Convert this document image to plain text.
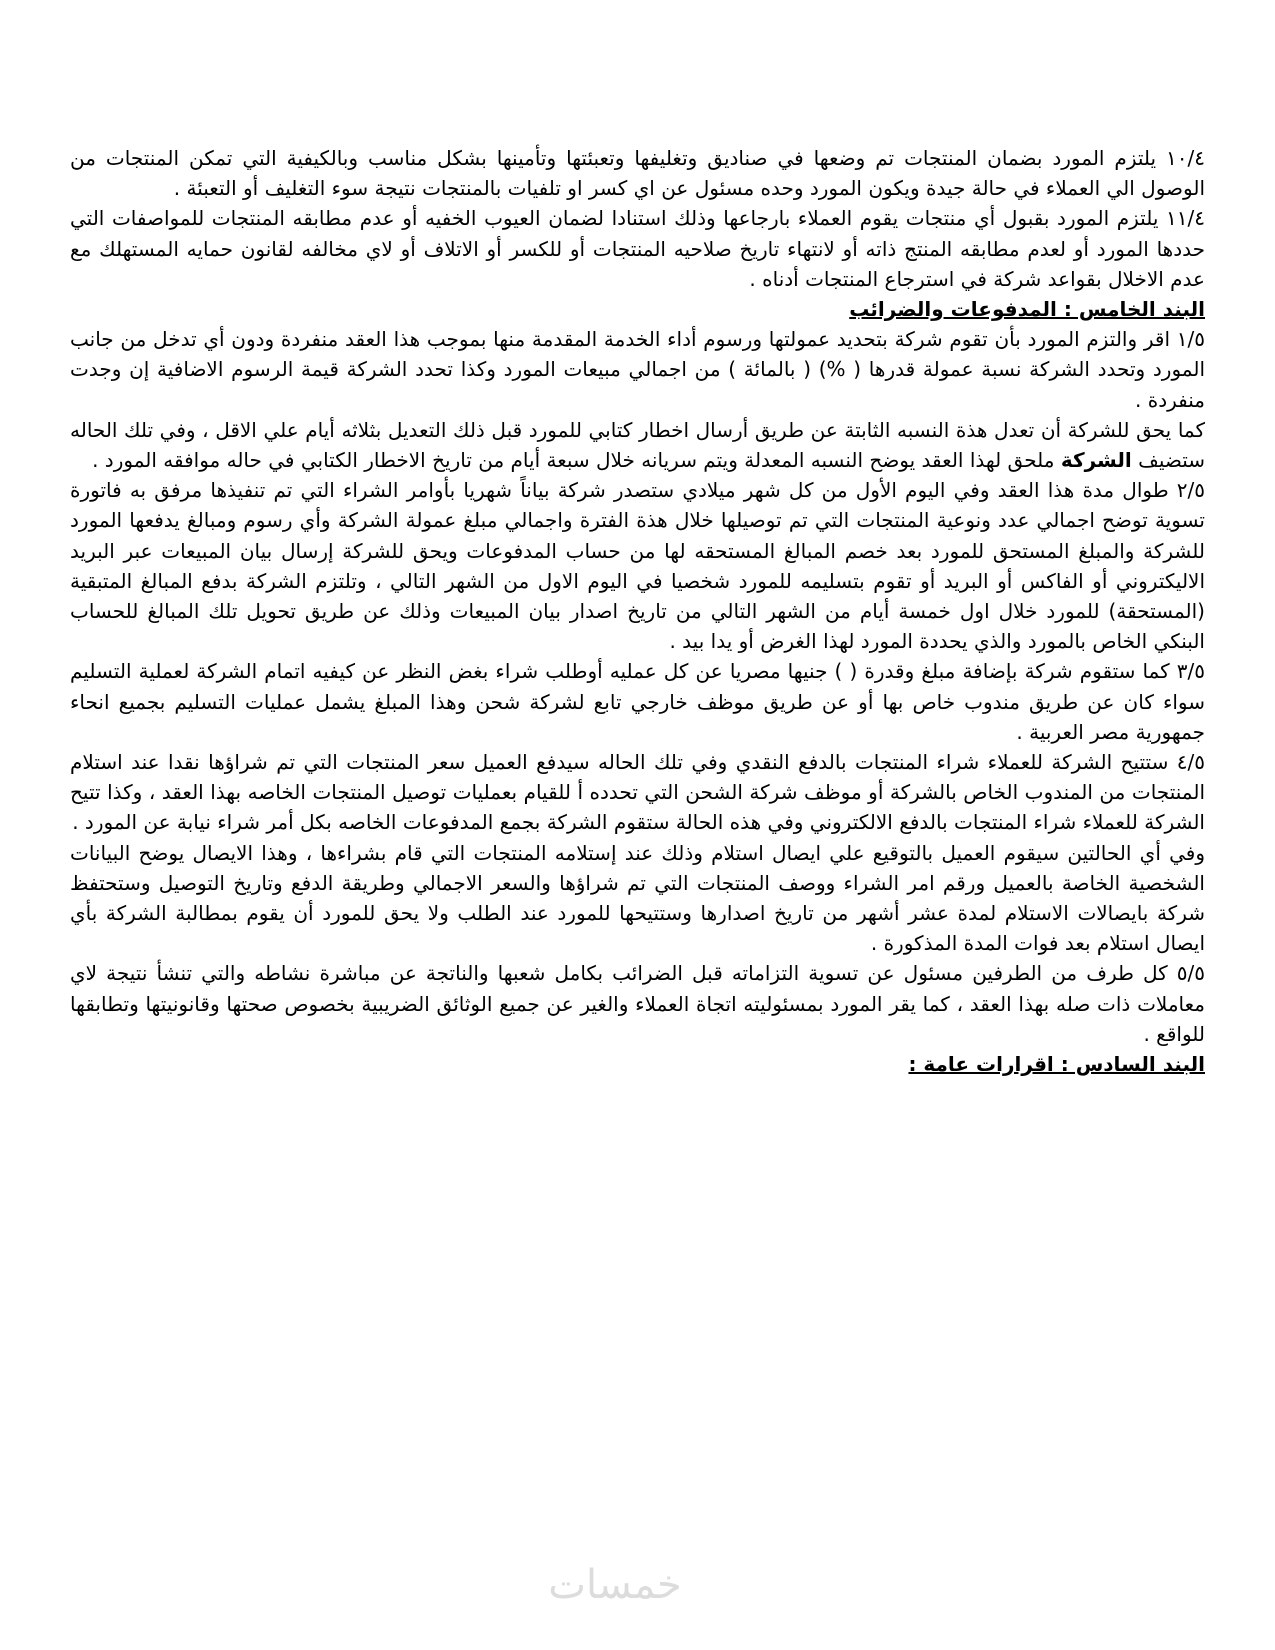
١٠/٤ يلتزم المورد بضمان المنتجات تم وضعها في صناديق وتغليفها وتعبئتها وتأمينها بشكل مناسب وبالكيفية التي تمكن المنتجات من الوصول الي العملاء في حالة جيدة ويكون المورد وحده مسئول عن اي كسر او تلفيات بالمنتجات نتيجة سوء التغليف أو التعبئة .

١١/٤ يلتزم المورد بقبول أي منتجات يقوم العملاء بارجاعها وذلك استنادا لضمان العيوب الخفيه أو عدم مطابقه المنتجات للمواصفات التي حددها المورد أو لعدم مطابقه المنتج ذاته أو لانتهاء تاريخ صلاحيه المنتجات أو للكسر أو الاتلاف أو لاي مخالفه لقانون حمايه المستهلك مع عدم الاخلال بقواعد شركة في استرجاع المنتجات أدناه .

البند الخامس : المدفوعات والضرائب

١/٥ اقر والتزم المورد بأن تقوم شركة بتحديد عمولتها ورسوم أداء الخدمة المقدمة منها بموجب هذا العقد منفردة ودون أي تدخل من جانب المورد وتحدد الشركة نسبة عمولة قدرها ( %) ( بالمائة ) من اجمالي مبيعات المورد وكذا تحدد الشركة قيمة الرسوم الاضافية إن وجدت منفردة .

كما يحق للشركة أن تعدل هذة النسبه الثابتة عن طريق أرسال اخطار كتابي للمورد قبل ذلك التعديل بثلاثه أيام علي الاقل ، وفي تلك الحاله ستضيف الشركة ملحق لهذا العقد يوضح النسبه المعدلة ويتم سريانه خلال سبعة أيام من تاريخ الاخطار الكتابي في حاله موافقه المورد .

٢/٥ طوال مدة هذا العقد وفي اليوم الأول من كل شهر ميلادي ستصدر شركة بياناً شهريا بأوامر الشراء التي تم تنفيذها مرفق به فاتورة تسوية توضح اجمالي عدد ونوعية المنتجات التي تم توصيلها خلال هذة الفترة واجمالي مبلغ عمولة الشركة وأي رسوم ومبالغ يدفعها المورد للشركة والمبلغ المستحق للمورد بعد خصم المبالغ المستحقه لها من حساب المدفوعات ويحق للشركة إرسال بيان المبيعات عبر البريد الاليكتروني أو الفاكس أو البريد أو تقوم بتسليمه للمورد شخصيا في اليوم الاول من الشهر التالي ، وتلتزم الشركة بدفع المبالغ المتبقية (المستحقة) للمورد خلال اول خمسة أيام من الشهر التالي من تاريخ اصدار بيان المبيعات وذلك عن طريق تحويل تلك المبالغ للحساب البنكي الخاص بالمورد والذي يحددة المورد لهذا الغرض أو يدا بيد .

٣/٥ كما ستقوم شركة بإضافة مبلغ وقدرة ( ) جنيها مصريا عن كل عمليه أوطلب شراء بغض النظر عن كيفيه اتمام الشركة لعملية التسليم سواء كان عن طريق مندوب خاص بها أو عن طريق موظف خارجي تابع لشركة شحن وهذا المبلغ يشمل عمليات التسليم بجميع انحاء جمهورية مصر العربية .

٤/٥ ستتيح الشركة للعملاء شراء المنتجات بالدفع النقدي وفي تلك الحاله سيدفع العميل سعر المنتجات التي تم شراؤها نقدا عند استلام المنتجات من المندوب الخاص بالشركة أو موظف شركة الشحن التي تحدده أ للقيام بعمليات توصيل المنتجات الخاصه بهذا العقد ، وكذا تتيح الشركة للعملاء شراء المنتجات بالدفع الالكتروني وفي هذه الحالة ستقوم الشركة بجمع المدفوعات الخاصه بكل أمر شراء نيابة عن المورد .

وفي أي الحالتين سيقوم العميل بالتوقيع علي ايصال استلام وذلك عند إستلامه المنتجات التي قام بشراءها ، وهذا الايصال يوضح البيانات الشخصية الخاصة بالعميل ورقم امر الشراء ووصف المنتجات التي تم شراؤها والسعر الاجمالي وطريقة الدفع وتاريخ التوصيل وستحتفظ شركة بايصالات الاستلام لمدة عشر أشهر من تاريخ اصدارها وستتيحها للمورد عند الطلب ولا يحق للمورد أن يقوم بمطالبة الشركة بأي ايصال استلام بعد فوات المدة المذكورة .

٥/٥ كل طرف من الطرفين مسئول عن تسوية التزاماته قبل الضرائب بكامل شعبها والناتجة عن مباشرة نشاطه والتي تنشأ نتيجة لاي معاملات ذات صله بهذا العقد ، كما يقر المورد بمسئوليته اتجاة العملاء والغير عن جميع الوثائق الضريبية بخصوص صحتها وقانونيتها وتطابقها للواقع .

البند السادس : اقرارات عامة :

خمسات
